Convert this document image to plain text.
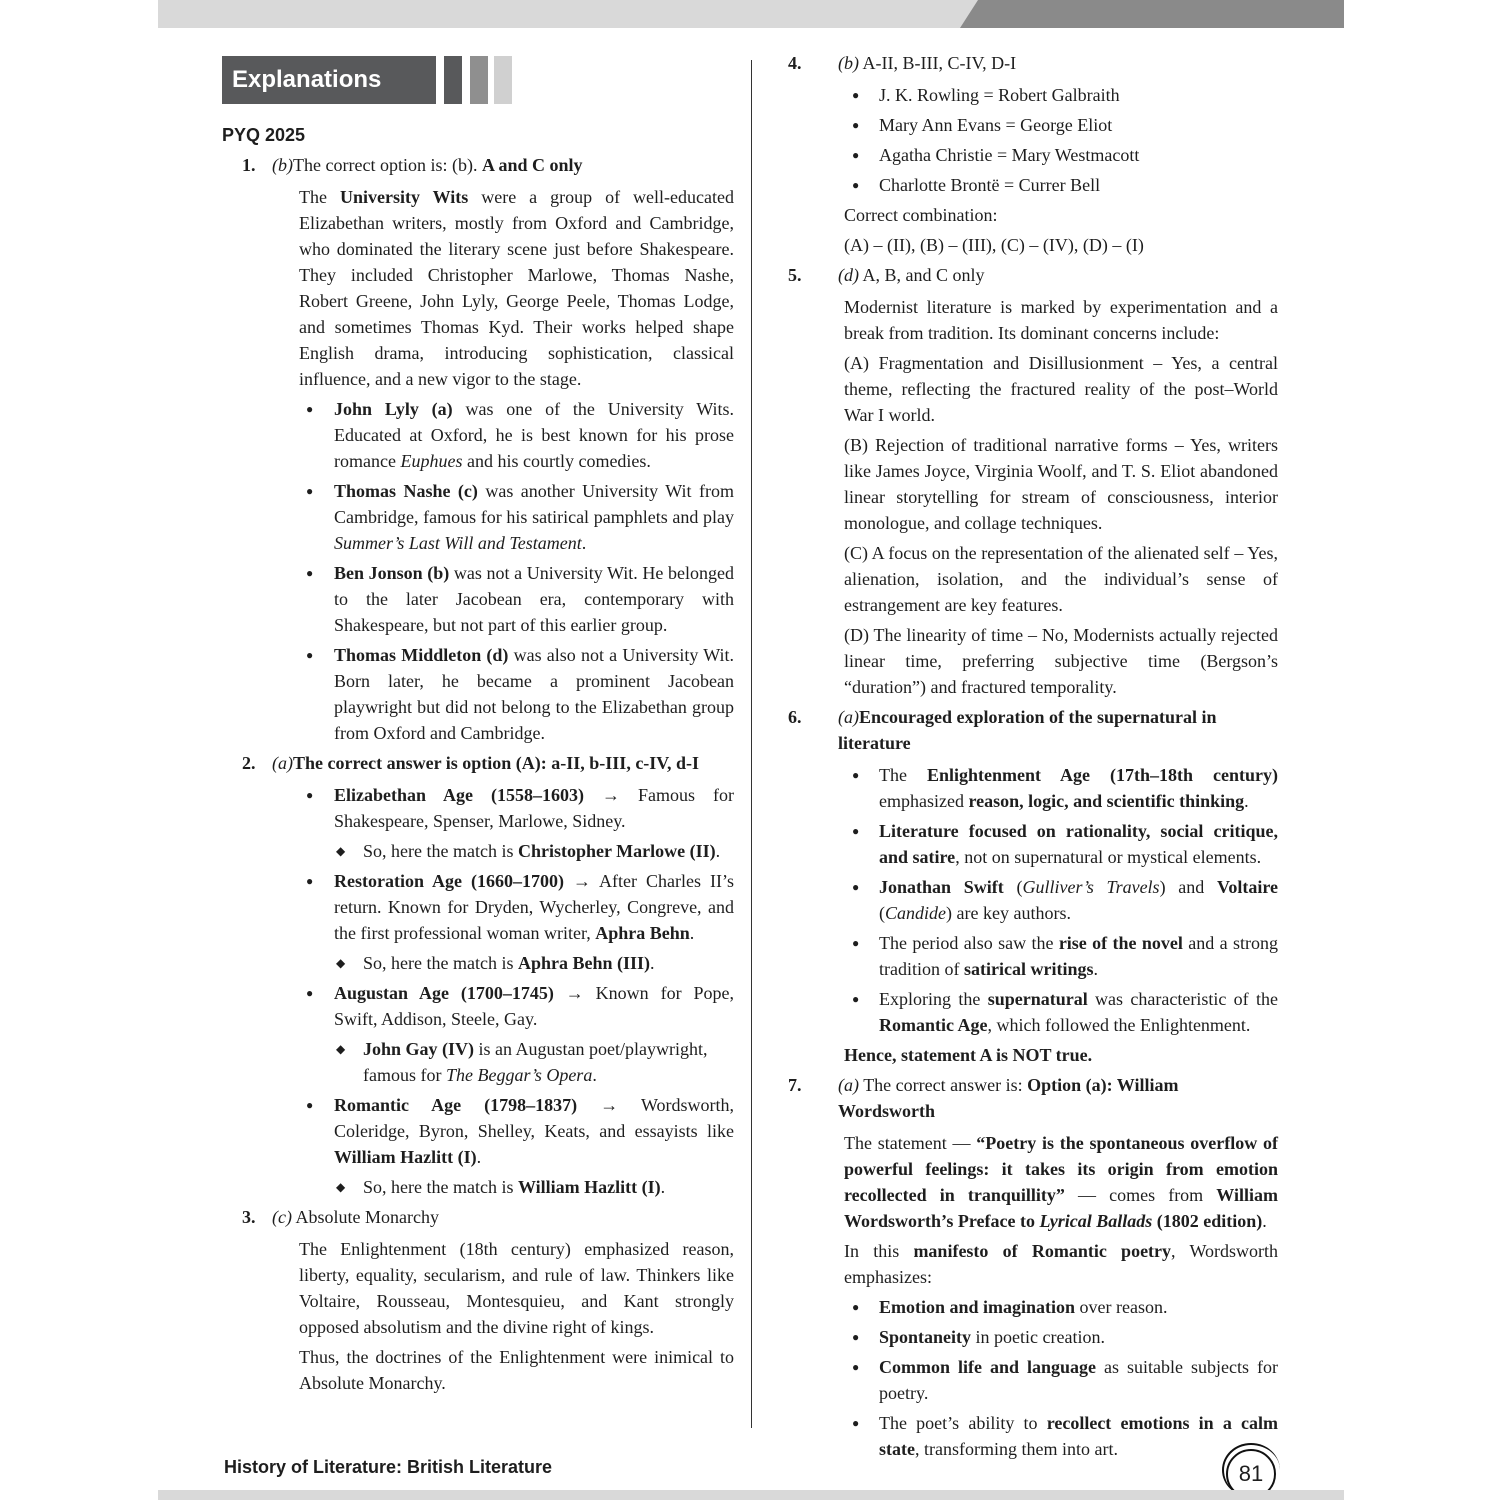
Explanations
PYQ 2025
1. (b)The correct option is: (b). A and C only

The University Wits were a group of well-educated Elizabethan writers, mostly from Oxford and Cambridge, who dominated the literary scene just before Shakespeare. They included Christopher Marlowe, Thomas Nashe, Robert Greene, John Lyly, George Peele, Thomas Lodge, and sometimes Thomas Kyd. Their works helped shape English drama, introducing sophistication, classical influence, and a new vigor to the stage.

● John Lyly (a) was one of the University Wits. Educated at Oxford, he is best known for his prose romance Euphues and his courtly comedies.
● Thomas Nashe (c) was another University Wit from Cambridge, famous for his satirical pamphlets and play Summer’s Last Will and Testament.
● Ben Jonson (b) was not a University Wit. He belonged to the later Jacobean era, contemporary with Shakespeare, but not part of this earlier group.
● Thomas Middleton (d) was also not a University Wit. Born later, he became a prominent Jacobean playwright but did not belong to the Elizabethan group from Oxford and Cambridge.
2. (a)The correct answer is option (A): a-II, b-III, c-IV, d-I
● Elizabethan Age (1558–1603) → Famous for Shakespeare, Spenser, Marlowe, Sidney.
◆ So, here the match is Christopher Marlowe (II).
● Restoration Age (1660–1700) → After Charles II’s return. Known for Dryden, Wycherley, Congreve, and the first professional woman writer, Aphra Behn.
◆ So, here the match is Aphra Behn (III).
● Augustan Age (1700–1745) → Known for Pope, Swift, Addison, Steele, Gay.
◆ John Gay (IV) is an Augustan poet/playwright, famous for The Beggar’s Opera.
● Romantic Age (1798–1837) → Wordsworth, Coleridge, Byron, Shelley, Keats, and essayists like William Hazlitt (I).
◆ So, here the match is William Hazlitt (I).
3. (c) Absolute Monarchy

The Enlightenment (18th century) emphasized reason, liberty, equality, secularism, and rule of law. Thinkers like Voltaire, Rousseau, Montesquieu, and Kant strongly opposed absolutism and the divine right of kings.

Thus, the doctrines of the Enlightenment were inimical to Absolute Monarchy.

4. (b) A-II, B-III, C-IV, D-I
● J. K. Rowling = Robert Galbraith
● Mary Ann Evans = George Eliot
● Agatha Christie = Mary Westmacott
● Charlotte Brontë = Currer Bell

Correct combination:

(A) – (II), (B) – (III), (C) – (IV), (D) – (I)

5. (d) A, B, and C only

Modernist literature is marked by experimentation and a break from tradition. Its dominant concerns include:

(A) Fragmentation and Disillusionment – Yes, a central theme, reflecting the fractured reality of the post–World War I world.

(B) Rejection of traditional narrative forms – Yes, writers like James Joyce, Virginia Woolf, and T. S. Eliot abandoned linear storytelling for stream of consciousness, interior monologue, and collage techniques.

(C) A focus on the representation of the alienated self – Yes, alienation, isolation, and the individual’s sense of estrangement are key features.

(D) The linearity of time – No, Modernists actually rejected linear time, preferring subjective time (Bergson’s “duration”) and fractured temporality.

6. (a)Encouraged exploration of the supernatural in literature
● The Enlightenment Age (17th–18th century) emphasized reason, logic, and scientific thinking.
● Literature focused on rationality, social critique, and satire, not on supernatural or mystical elements.
● Jonathan Swift (Gulliver’s Travels) and Voltaire (Candide) are key authors.
● The period also saw the rise of the novel and a strong tradition of satirical writings.
● Exploring the supernatural was characteristic of the Romantic Age, which followed the Enlightenment.

Hence, statement A is NOT true.

7. (a) The correct answer is: Option (a): William Wordsworth

The statement — “Poetry is the spontaneous overflow of powerful feelings: it takes its origin from emotion recollected in tranquillity” — comes from William Wordsworth’s Preface to Lyrical Ballads (1802 edition).

In this manifesto of Romantic poetry, Wordsworth emphasizes:

● Emotion and imagination over reason.
● Spontaneity in poetic creation.
● Common life and language as suitable subjects for poetry.
● The poet’s ability to recollect emotions in a calm state, transforming them into art.
History of Literature: British Literature	81
